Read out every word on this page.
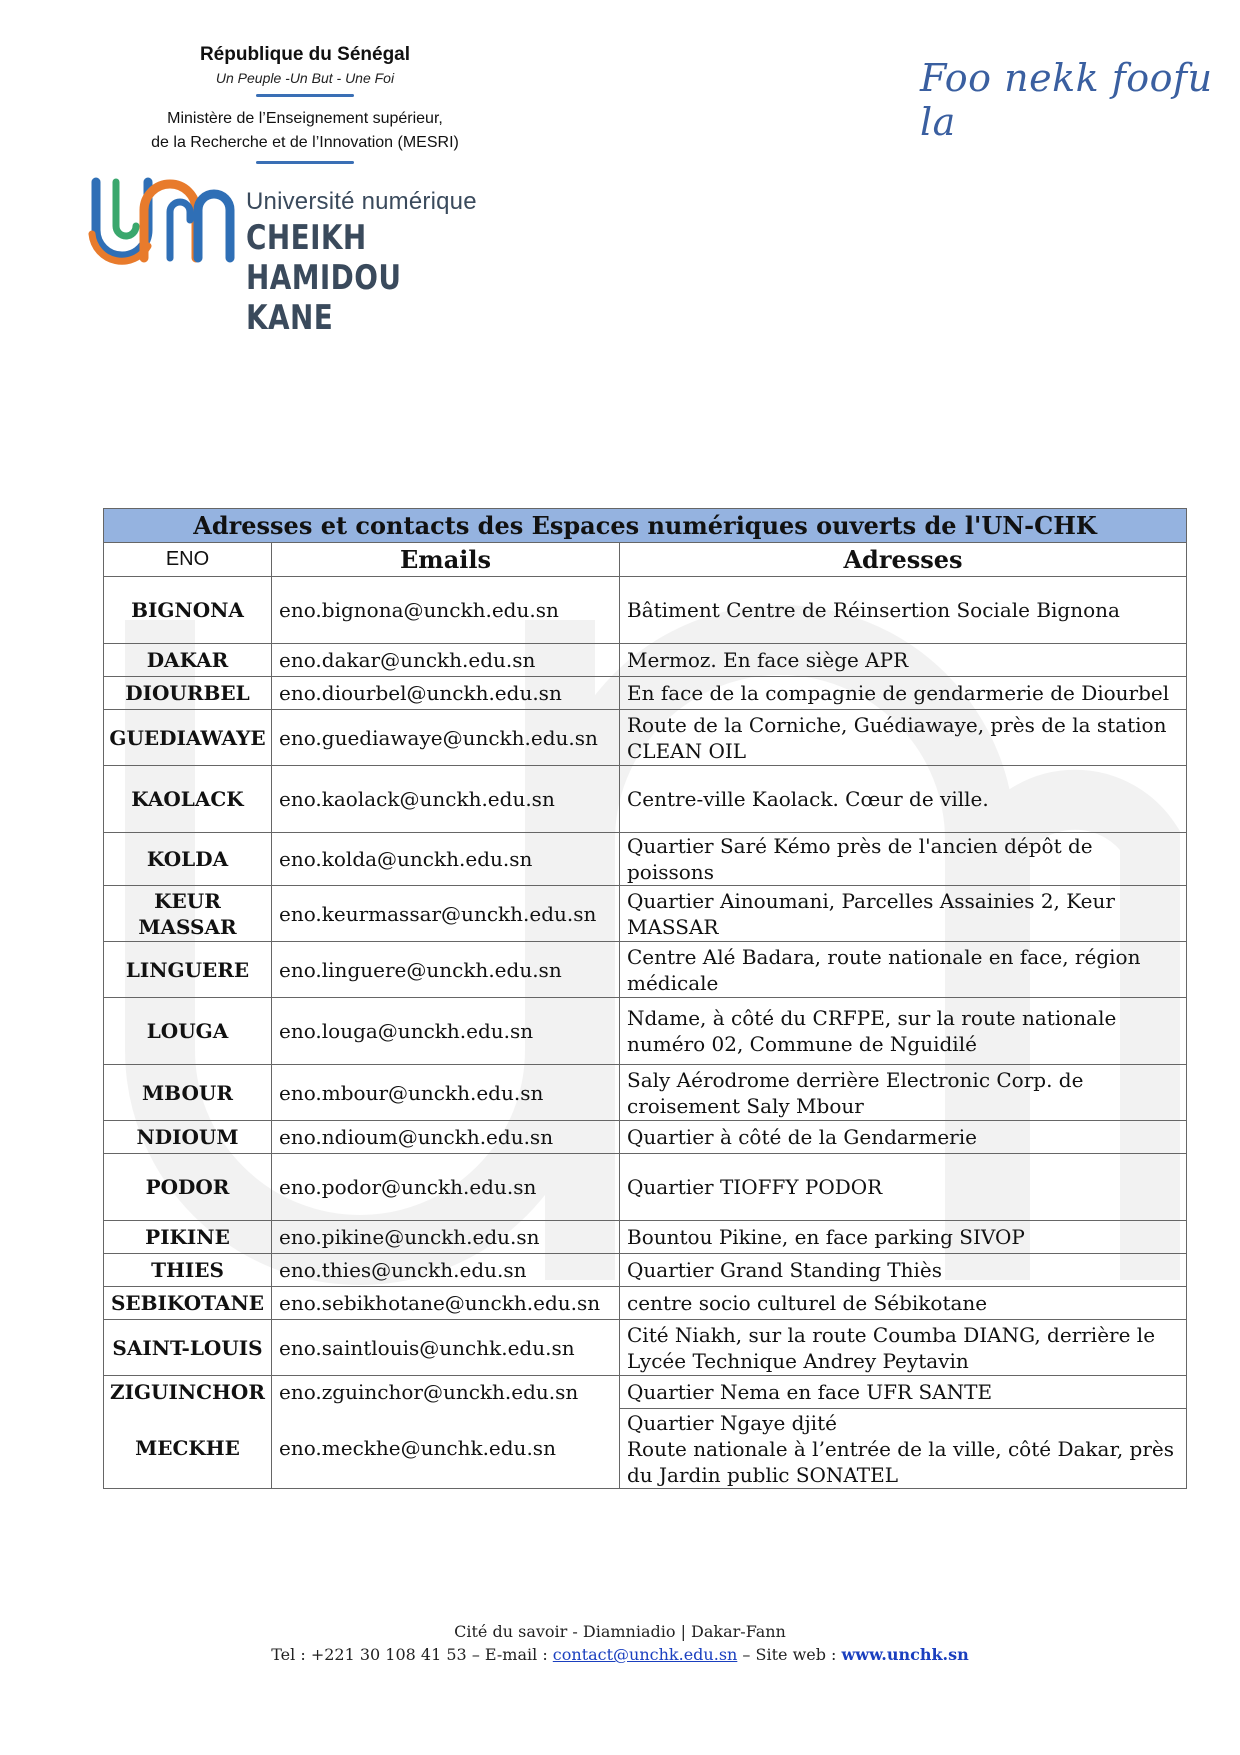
République du Sénégal
Un Peuple -Un But - Une Foi
Ministère de l’Enseignement supérieur,
de la Recherche et de l’Innovation (MESRI)
Université numérique
CHEIKH HAMIDOU KANE
Foo nekk foofu la
Adresses et contacts des Espaces numériques ouverts de l'UN-CHK		
ENO	Emails	Adresses
BIGNONA	eno.bignona@unckh.edu.sn	Bâtiment Centre de Réinsertion Sociale Bignona
DAKAR	eno.dakar@unckh.edu.sn	Mermoz. En face siège APR
DIOURBEL	eno.diourbel@unckh.edu.sn	En face de la compagnie de gendarmerie de Diourbel
GUEDIAWAYE	eno.guediawaye@unckh.edu.sn	Route de la Corniche, Guédiawaye, près de la station CLEAN OIL
KAOLACK	eno.kaolack@unckh.edu.sn	Centre-ville Kaolack. Cœur de ville.
KOLDA	eno.kolda@unckh.edu.sn	Quartier Saré Kémo près de l'ancien dépôt de poissons
KEUR MASSAR	eno.keurmassar@unckh.edu.sn	Quartier Ainoumani, Parcelles Assainies 2, Keur MASSAR
LINGUERE	eno.linguere@unckh.edu.sn	Centre Alé Badara, route nationale en face, région médicale
LOUGA	eno.louga@unckh.edu.sn	Ndame, à côté du CRFPE, sur la route nationale numéro 02, Commune de Nguidilé
MBOUR	eno.mbour@unckh.edu.sn	Saly Aérodrome derrière Electronic Corp. de croisement Saly Mbour
NDIOUM	eno.ndioum@unckh.edu.sn	Quartier à côté de la Gendarmerie
PODOR	eno.podor@unckh.edu.sn	Quartier TIOFFY PODOR
PIKINE	eno.pikine@unckh.edu.sn	Bountou Pikine, en face parking SIVOP
THIES	eno.thies@unckh.edu.sn	Quartier Grand Standing Thiès
SEBIKOTANE	eno.sebikhotane@unckh.edu.sn	centre socio culturel de Sébikotane
SAINT-LOUIS	eno.saintlouis@unchk.edu.sn	Cité Niakh, sur la route Coumba DIANG, derrière le Lycée Technique Andrey Peytavin
ZIGUINCHOR	eno.zguinchor@unckh.edu.sn	Quartier Nema en face UFR SANTE
MECKHE	eno.meckhe@unchk.edu.sn	Quartier Ngaye djité
Route nationale à l’entrée de la ville, côté Dakar, près du Jardin public SONATEL
Cité du savoir - Diamniadio | Dakar-Fann
Tel : +221 30 108 41 53 – E-mail : contact@unchk.edu.sn – Site web : www.unchk.sn
